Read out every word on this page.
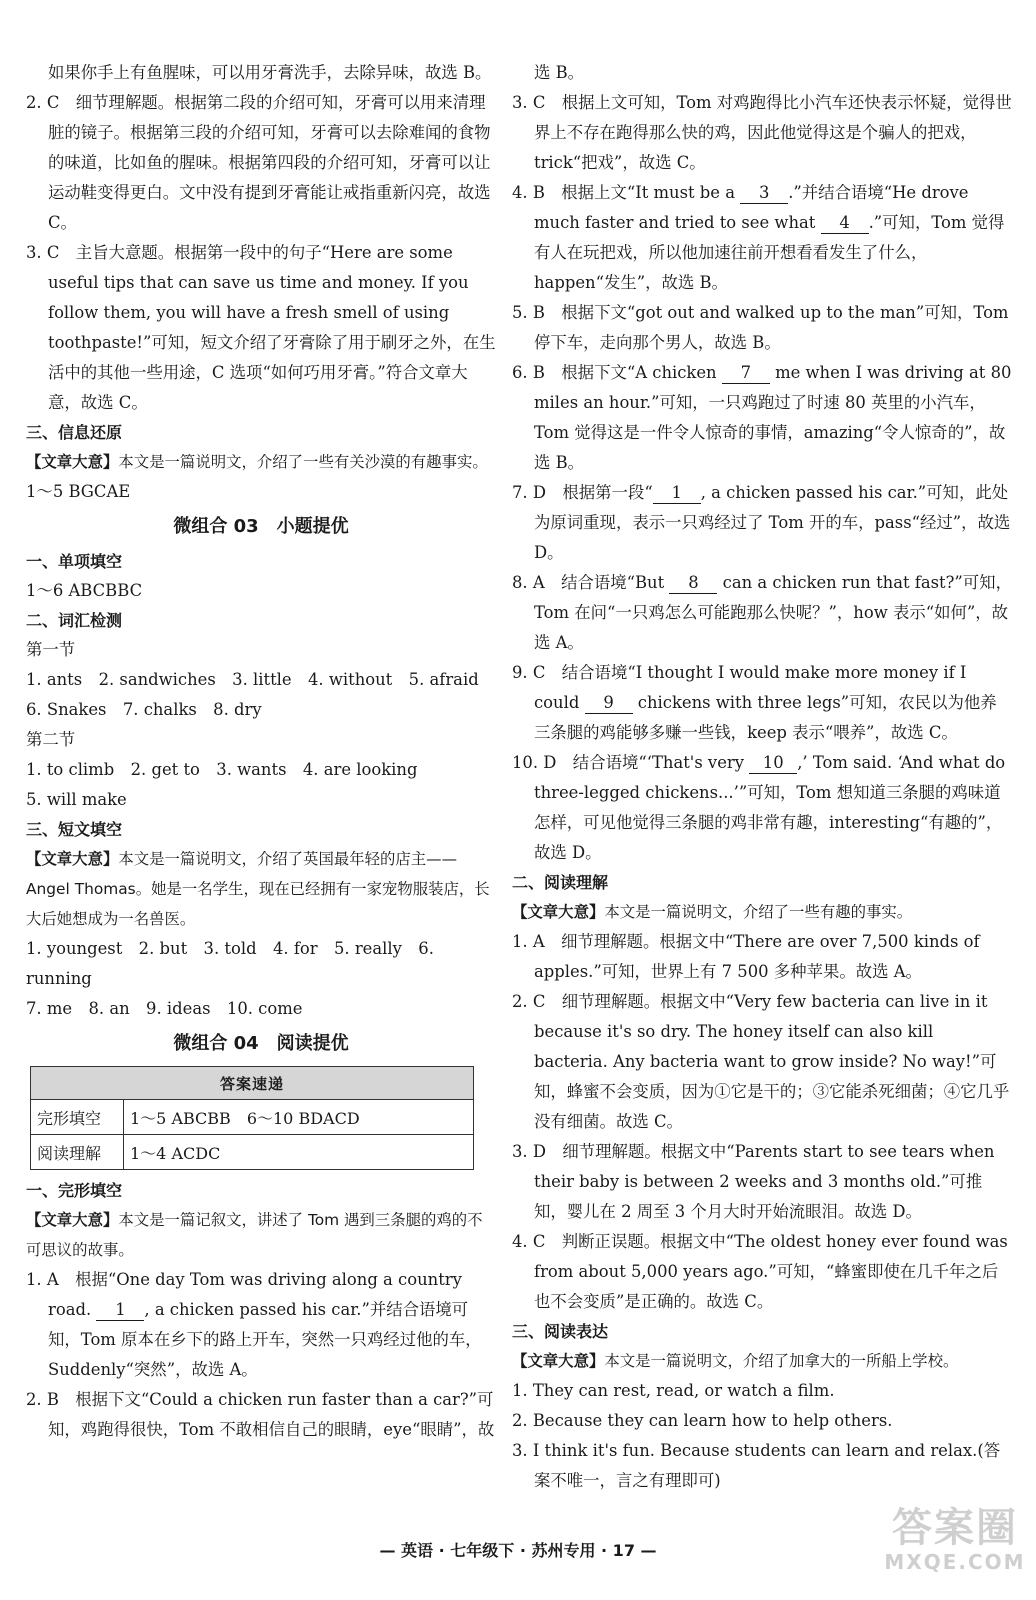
如果你手上有鱼腥味，可以用牙膏洗手，去除异味，故选 B。

2. C　细节理解题。根据第二段的介绍可知，牙膏可以用来清理脏的镜子。根据第三段的介绍可知，牙膏可以去除难闻的食物的味道，比如鱼的腥味。根据第四段的介绍可知，牙膏可以让运动鞋变得更白。文中没有提到牙膏能让戒指重新闪亮，故选 C。

3. C　主旨大意题。根据第一段中的句子“Here are some useful tips that can save us time and money. If you follow them, you will have a fresh smell of using toothpaste!”可知，短文介绍了牙膏除了用于刷牙之外，在生活中的其他一些用途，C 选项“如何巧用牙膏。”符合文章大意，故选 C。

三、信息还原

【文章大意】本文是一篇说明文，介绍了一些有关沙漠的有趣事实。

1～5 BGCAE

微组合 03　小题提优

一、单项填空

1～6 ABCBBC

二、词汇检测

第一节

1. ants　2. sandwiches　3. little　4. without　5. afraid

6. Snakes　7. chalks　8. dry

第二节

1. to climb　2. get to　3. wants　4. are looking

5. will make

三、短文填空

【文章大意】本文是一篇说明文，介绍了英国最年轻的店主——Angel Thomas。她是一名学生，现在已经拥有一家宠物服装店，长大后她想成为一名兽医。

1. youngest　2. but　3. told　4. for　5. really　6. running

7. me　8. an　9. ideas　10. come

微组合 04　阅读提优
答案速递	
完形填空	1～5 ABCBB　6～10 BDACD
阅读理解	1～4 ACDC

一、完形填空

【文章大意】本文是一篇记叙文，讲述了 Tom 遇到三条腿的鸡的不可思议的故事。

1. A　根据“One day Tom was driving along a country road. 1 , a chicken passed his car.”并结合语境可知，Tom 原本在乡下的路上开车，突然一只鸡经过他的车，Suddenly“突然”，故选 A。

2. B　根据下文“Could a chicken run faster than a car?”可知，鸡跑得很快，Tom 不敢相信自己的眼睛，eye“眼睛”，故

选 B。

3. C　根据上文可知，Tom 对鸡跑得比小汽车还快表示怀疑，觉得世界上不存在跑得那么快的鸡，因此他觉得这是个骗人的把戏，trick“把戏”，故选 C。

4. B　根据上文“It must be a 3 .”并结合语境“He drove much faster and tried to see what 4 .”可知，Tom 觉得有人在玩把戏，所以他加速往前开想看看发生了什么，happen“发生”，故选 B。

5. B　根据下文“got out and walked up to the man”可知，Tom 停下车，走向那个男人，故选 B。

6. B　根据下文“A chicken 7 me when I was driving at 80 miles an hour.”可知，一只鸡跑过了时速 80 英里的小汽车，Tom 觉得这是一件令人惊奇的事情，amazing“令人惊奇的”，故选 B。

7. D　根据第一段“ 1 , a chicken passed his car.”可知，此处为原词重现，表示一只鸡经过了 Tom 开的车，pass“经过”，故选 D。

8. A　结合语境“But 8 can a chicken run that fast?”可知，Tom 在问“一只鸡怎么可能跑那么快呢？”，how 表示“如何”，故选 A。

9. C　结合语境“I thought I would make more money if I could 9 chickens with three legs”可知，农民以为他养三条腿的鸡能够多赚一些钱，keep 表示“喂养”，故选 C。

10. D　结合语境“‘That's very 10 ,’ Tom said. ‘And what do three-legged chickens...’”可知，Tom 想知道三条腿的鸡味道怎样，可见他觉得三条腿的鸡非常有趣，interesting“有趣的”，故选 D。

二、阅读理解

【文章大意】本文是一篇说明文，介绍了一些有趣的事实。

1. A　细节理解题。根据文中“There are over 7,500 kinds of apples.”可知，世界上有 7 500 多种苹果。故选 A。

2. C　细节理解题。根据文中“Very few bacteria can live in it because it's so dry. The honey itself can also kill bacteria. Any bacteria want to grow inside? No way!”可知，蜂蜜不会变质，因为①它是干的；③它能杀死细菌；④它几乎没有细菌。故选 C。

3. D　细节理解题。根据文中“Parents start to see tears when their baby is between 2 weeks and 3 months old.”可推知，婴儿在 2 周至 3 个月大时开始流眼泪。故选 D。

4. C　判断正误题。根据文中“The oldest honey ever found was from about 5,000 years ago.”可知，“蜂蜜即使在几千年之后也不会变质”是正确的。故选 C。

三、阅读表达

【文章大意】本文是一篇说明文，介绍了加拿大的一所船上学校。

1. They can rest, read, or watch a film.

2. Because they can learn how to help others.

3. I think it's fun. Because students can learn and relax.(答案不唯一，言之有理即可)

— 英语 · 七年级下 · 苏州专用 · 17 —	答案圈
MXQE.COM
